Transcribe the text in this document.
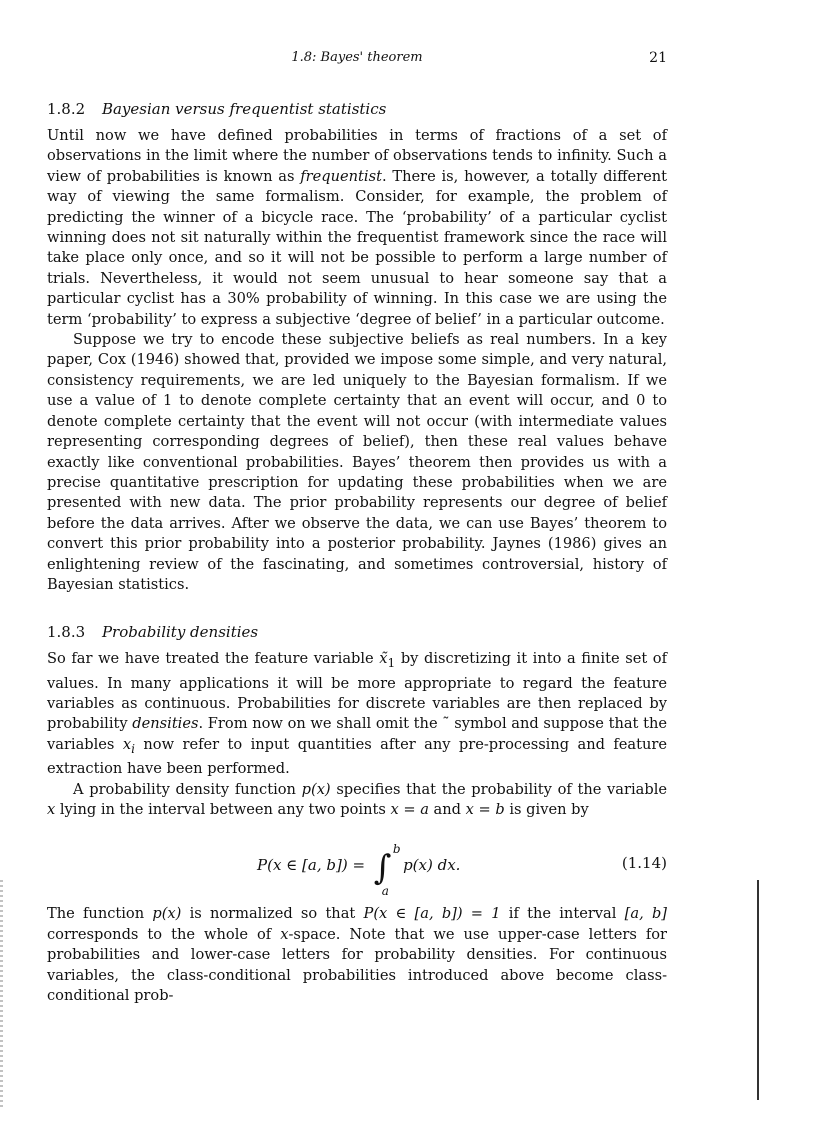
1.8: Bayes' theorem	21
1.8.2 Bayesian versus frequentist statistics

Until now we have defined probabilities in terms of fractions of a set of observations in the limit where the number of observations tends to infinity. Such a view of probabilities is known as frequentist. There is, however, a totally different way of viewing the same formalism. Consider, for example, the problem of predicting the winner of a bicycle race. The ‘probability’ of a particular cyclist winning does not sit naturally within the frequentist framework since the race will take place only once, and so it will not be possible to perform a large number of trials. Nevertheless, it would not seem unusual to hear someone say that a particular cyclist has a 30% probability of winning. In this case we are using the term ‘probability’ to express a subjective ‘degree of belief’ in a particular outcome.

Suppose we try to encode these subjective beliefs as real numbers. In a key paper, Cox (1946) showed that, provided we impose some simple, and very natural, consistency requirements, we are led uniquely to the Bayesian formalism. If we use a value of 1 to denote complete certainty that an event will occur, and 0 to denote complete certainty that the event will not occur (with intermediate values representing corresponding degrees of belief), then these real values behave exactly like conventional probabilities. Bayes’ theorem then provides us with a precise quantitative prescription for updating these probabilities when we are presented with new data. The prior probability represents our degree of belief before the data arrives. After we observe the data, we can use Bayes’ theorem to convert this prior probability into a posterior probability. Jaynes (1986) gives an enlightening review of the fascinating, and sometimes controversial, history of Bayesian statistics.

1.8.3 Probability densities

So far we have treated the feature variable $x̃_1$ by discretizing it into a finite set of values. In many applications it will be more appropriate to regard the feature variables as continuous. Probabilities for discrete variables are then replaced by probability densities. From now on we shall omit the ˜ symbol and suppose that the variables $x_i$ now refer to input quantities after any pre-processing and feature extraction have been performed.

A probability density function p(x) specifies that the probability of the variable x lying in the interval between any two points x = a and x = b is given by

P(x ∈ [a, b]) = ∫ b
a
p(x) dx.	(1.14)

The function p(x) is normalized so that P(x ∈ [a, b]) = 1 if the interval [a, b] corresponds to the whole of x-space. Note that we use upper-case letters for probabilities and lower-case letters for probability densities. For continuous variables, the class-conditional probabilities introduced above become class-conditional prob-
